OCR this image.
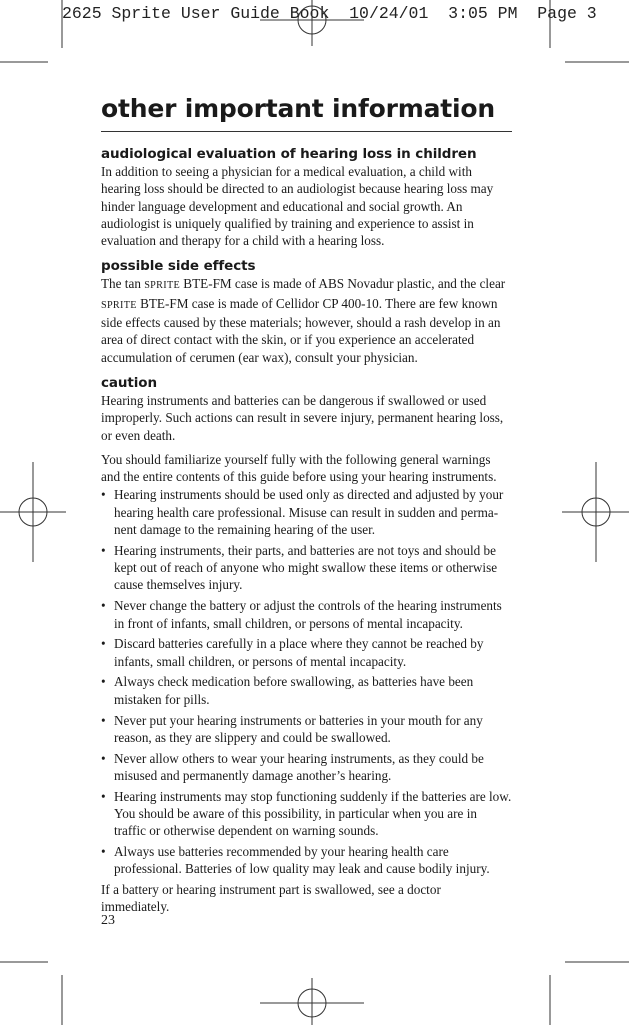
2625 Sprite User Guide Book  10/24/01  3:05 PM  Page 3
other important information
audiological evaluation of hearing loss in children

In addition to seeing a physician for a medical evaluation, a child with hearing loss should be directed to an audiologist because hearing loss may hinder language development and educational and social growth. An audiologist is uniquely qualified by training and experience to assist in evaluation and therapy for a child with a hearing loss.

possible side effects

The tan SPRITE BTE-FM case is made of ABS Novadur plastic, and the clear SPRITE BTE-FM case is made of Cellidor CP 400-10. There are few known side effects caused by these materials; however, should a rash develop in an area of direct contact with the skin, or if you experience an accelerated accumulation of cerumen (ear wax), consult your physician.

caution

Hearing instruments and batteries can be dangerous if swallowed or used improperly. Such actions can result in severe injury, permanent hearing loss, or even death.

You should familiarize yourself fully with the following general warnings and the entire contents of this guide before using your hearing instruments.

• Hearing instruments should be used only as directed and adjusted by your hearing health care professional. Misuse can result in sudden and perma- nent damage to the remaining hearing of the user.
• Hearing instruments, their parts, and batteries are not toys and should be kept out of reach of anyone who might swallow these items or otherwise cause themselves injury.
• Never change the battery or adjust the controls of the hearing instruments in front of infants, small children, or persons of mental incapacity.
• Discard batteries carefully in a place where they cannot be reached by infants, small children, or persons of mental incapacity.
• Always check medication before swallowing, as batteries have been mistaken for pills.
• Never put your hearing instruments or batteries in your mouth for any reason, as they are slippery and could be swallowed.
• Never allow others to wear your hearing instruments, as they could be misused and permanently damage another’s hearing.
• Hearing instruments may stop functioning suddenly if the batteries are low. You should be aware of this possibility, in particular when you are in traffic or otherwise dependent on warning sounds.
• Always use batteries recommended by your hearing health care professional. Batteries of low quality may leak and cause bodily injury.

If a battery or hearing instrument part is swallowed, see a doctor immediately.

23
